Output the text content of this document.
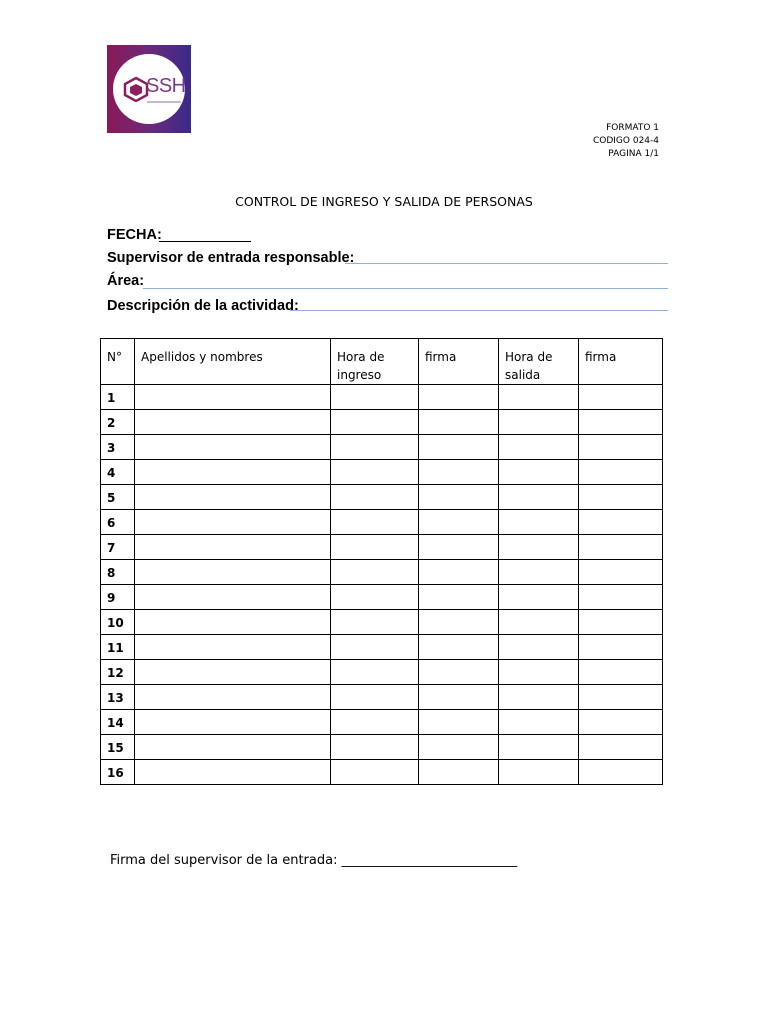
SSH
FORMATO 1
CODIGO 024-4
PAGINA 1/1
CONTROL DE INGRESO Y SALIDA DE PERSONAS
FECHA:
Supervisor de entrada responsable:
Área:
Descripción de la actividad:
N°	Apellidos y nombres	Hora de ingreso	firma	Hora de salida	firma
1					
2					
3					
4					
5					
6					
7					
8					
9					
10					
11					
12					
13					
14					
15					
16					
Firma del supervisor de la entrada: ___________________________
